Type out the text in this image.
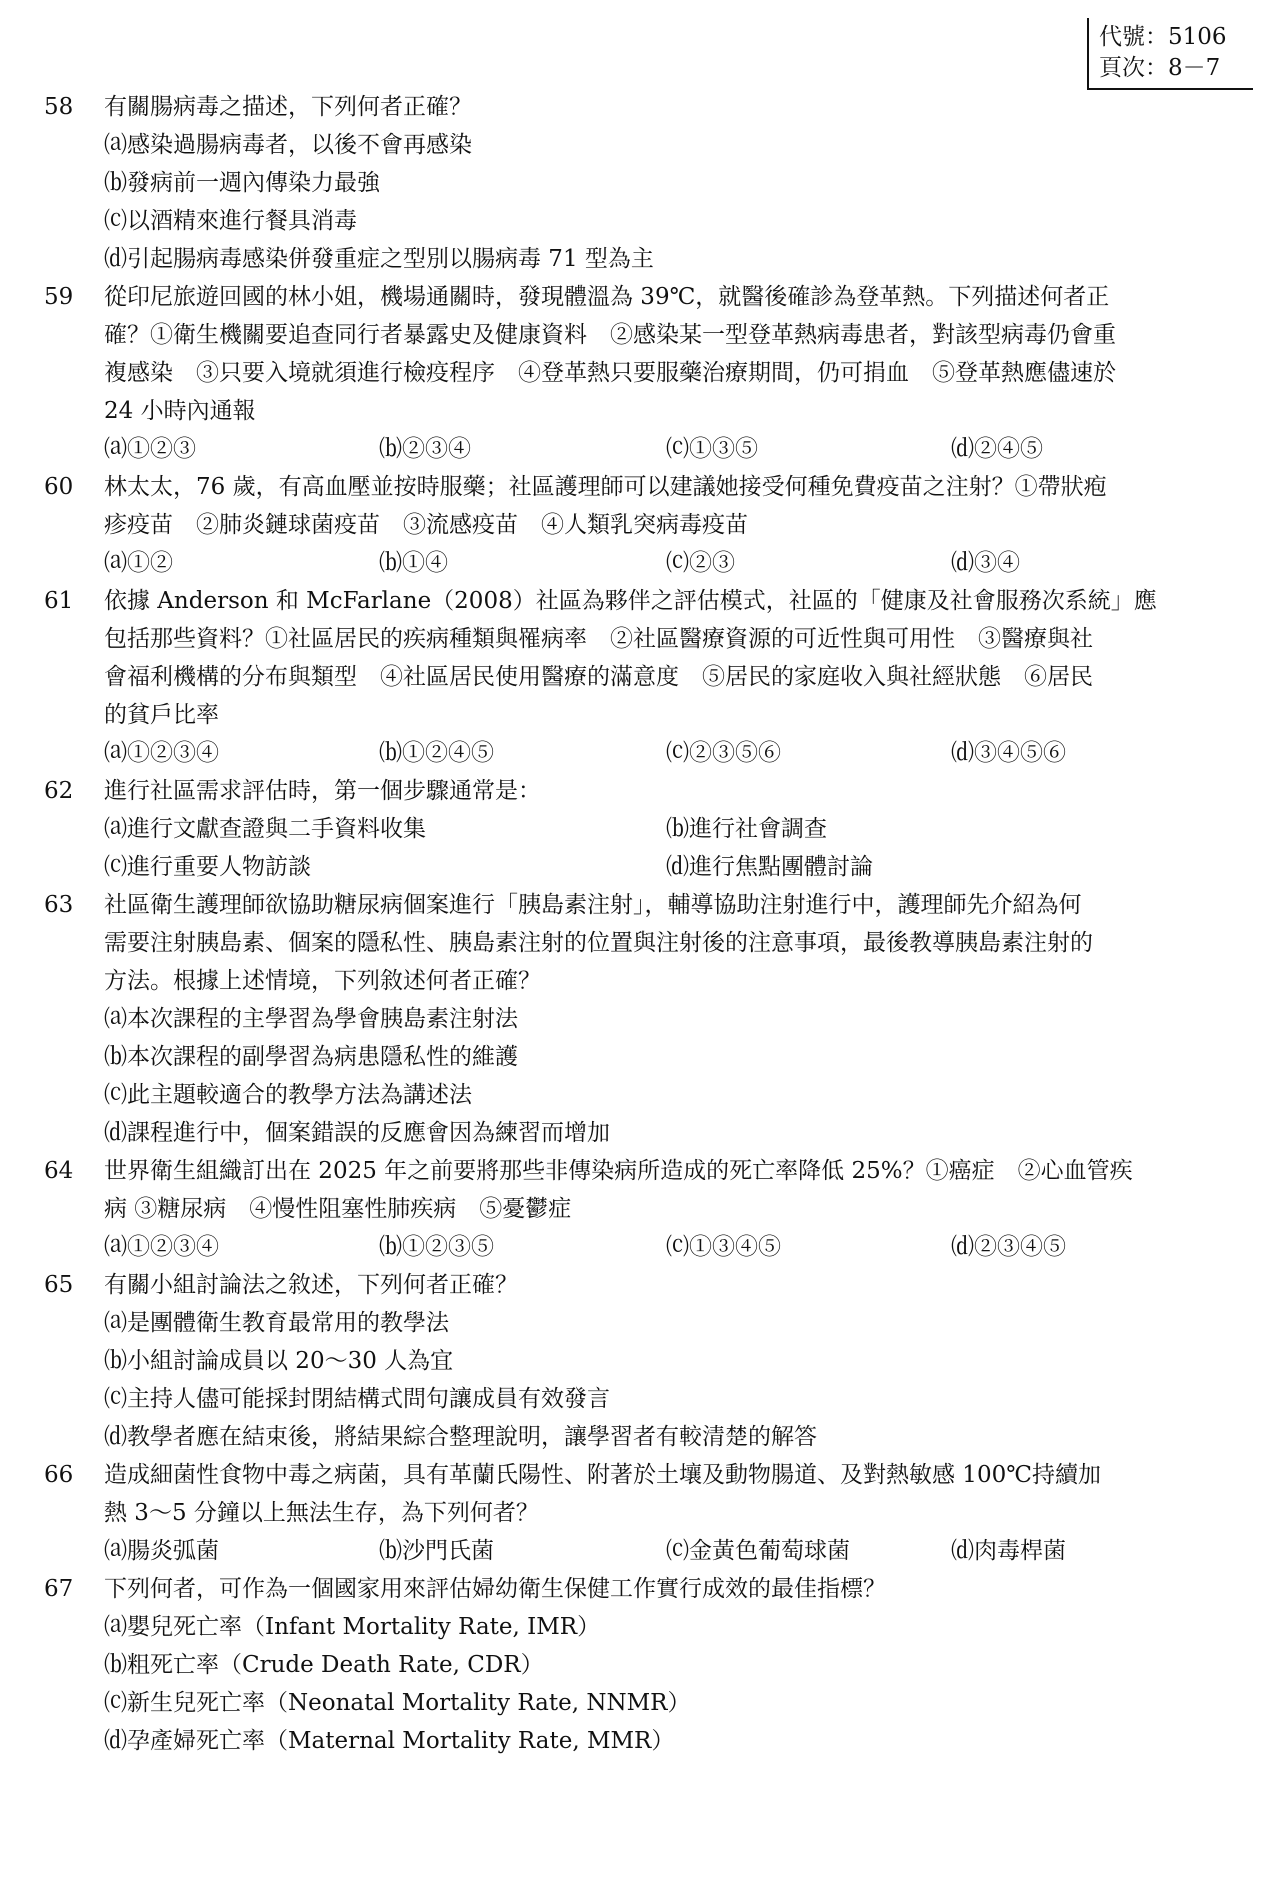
代號：5106
頁次：8－7
58	有關腸病毒之描述，下列何者正確？
⒜感染過腸病毒者，以後不會再感染
⒝發病前一週內傳染力最強
⒞以酒精來進行餐具消毒
⒟引起腸病毒感染併發重症之型別以腸病毒 71 型為主
59	從印尼旅遊回國的林小姐，機場通關時，發現體溫為 39℃，就醫後確診為登革熱。下列描述何者正
確？①衛生機關要追查同行者暴露史及健康資料　②感染某一型登革熱病毒患者，對該型病毒仍會重
複感染　③只要入境就須進行檢疫程序　④登革熱只要服藥治療期間，仍可捐血　⑤登革熱應儘速於
24 小時內通報
⒜①②③	⒝②③④	⒞①③⑤	⒟②④⑤
60	林太太，76 歲，有高血壓並按時服藥；社區護理師可以建議她接受何種免費疫苗之注射？①帶狀疱
疹疫苗　②肺炎鏈球菌疫苗　③流感疫苗　④人類乳突病毒疫苗
⒜①②	⒝①④	⒞②③	⒟③④
61	依據 Anderson 和 McFarlane（2008）社區為夥伴之評估模式，社區的「健康及社會服務次系統」應
包括那些資料？①社區居民的疾病種類與罹病率　②社區醫療資源的可近性與可用性　③醫療與社
會福利機構的分布與類型　④社區居民使用醫療的滿意度　⑤居民的家庭收入與社經狀態　⑥居民
的貧戶比率
⒜①②③④	⒝①②④⑤	⒞②③⑤⑥	⒟③④⑤⑥
62	進行社區需求評估時，第一個步驟通常是：
⒜進行文獻查證與二手資料收集	⒝進行社會調查
⒞進行重要人物訪談	⒟進行焦點團體討論
63	社區衛生護理師欲協助糖尿病個案進行「胰島素注射」，輔導協助注射進行中，護理師先介紹為何
需要注射胰島素、個案的隱私性、胰島素注射的位置與注射後的注意事項，最後教導胰島素注射的
方法。根據上述情境，下列敘述何者正確？
⒜本次課程的主學習為學會胰島素注射法
⒝本次課程的副學習為病患隱私性的維護
⒞此主題較適合的教學方法為講述法
⒟課程進行中，個案錯誤的反應會因為練習而增加
64	世界衛生組織訂出在 2025 年之前要將那些非傳染病所造成的死亡率降低 25%？①癌症　②心血管疾
病 ③糖尿病　④慢性阻塞性肺疾病　⑤憂鬱症
⒜①②③④	⒝①②③⑤	⒞①③④⑤	⒟②③④⑤
65	有關小組討論法之敘述，下列何者正確？
⒜是團體衛生教育最常用的教學法
⒝小組討論成員以 20～30 人為宜
⒞主持人儘可能採封閉結構式問句讓成員有效發言
⒟教學者應在結束後，將結果綜合整理說明，讓學習者有較清楚的解答
66	造成細菌性食物中毒之病菌，具有革蘭氏陽性、附著於土壤及動物腸道、及對熱敏感 100℃持續加
熱 3～5 分鐘以上無法生存，為下列何者？
⒜腸炎弧菌	⒝沙門氏菌	⒞金黃色葡萄球菌	⒟肉毒桿菌
67	下列何者，可作為一個國家用來評估婦幼衛生保健工作實行成效的最佳指標？
⒜嬰兒死亡率（Infant Mortality Rate, IMR）
⒝粗死亡率（Crude Death Rate, CDR）
⒞新生兒死亡率（Neonatal Mortality Rate, NNMR）
⒟孕產婦死亡率（Maternal Mortality Rate, MMR）
